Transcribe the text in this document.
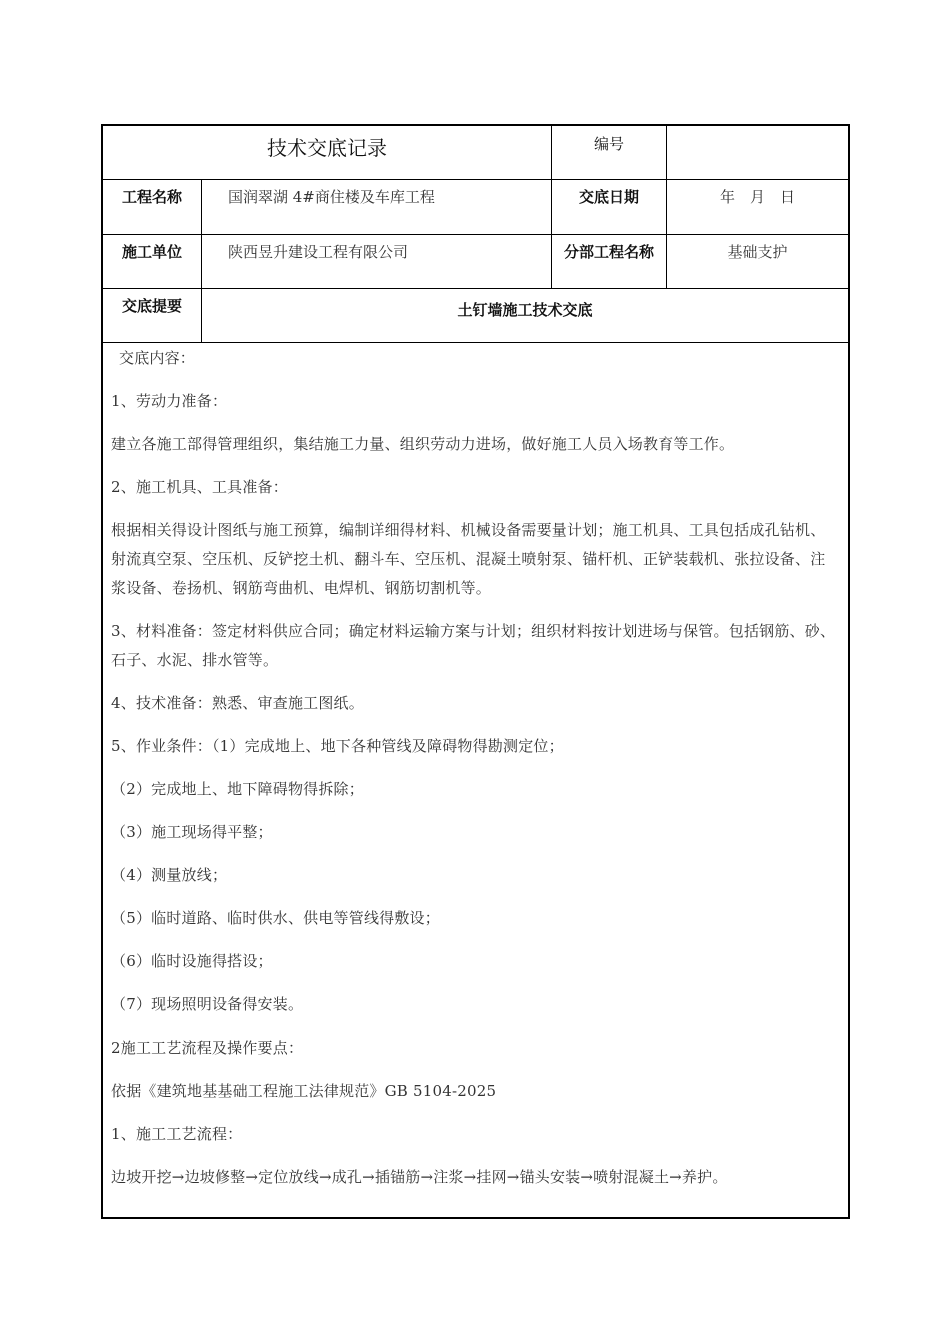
技术交底记录	编号
工程名称	国润翠湖 4#商住楼及车库工程	交底日期	年　月　日
施工单位	陕西昱升建设工程有限公司	分部工程名称	基础支护
交底提要	土钉墙施工技术交底

交底内容：

1、劳动力准备：

建立各施工部得管理组织，集结施工力量、组织劳动力进场，做好施工人员入场教育等工作。

2、施工机具、工具准备：

根据相关得设计图纸与施工预算，编制详细得材料、机械设备需要量计划；施工机具、工具包括成孔钻机、射流真空泵、空压机、反铲挖土机、翻斗车、空压机、混凝土喷射泵、锚杆机、正铲装载机、张拉设备、注浆设备、卷扬机、钢筋弯曲机、电焊机、钢筋切割机等。

3、材料准备：签定材料供应合同；确定材料运输方案与计划；组织材料按计划进场与保管。包括钢筋、砂、石子、水泥、排水管等。

4、技术准备：熟悉、审查施工图纸。

5、作业条件：（1）完成地上、地下各种管线及障碍物得勘测定位；

（2）完成地上、地下障碍物得拆除；

（3）施工现场得平整；

（4）测量放线；

（5）临时道路、临时供水、供电等管线得敷设；

（6）临时设施得搭设；

（7）现场照明设备得安装。

2施工工艺流程及操作要点：

依据《建筑地基基础工程施工法律规范》GB 5104-2025

1、施工工艺流程：

边坡开挖→边坡修整→定位放线→成孔→插锚筋→注浆→挂网→锚头安装→喷射混凝土→养护。
